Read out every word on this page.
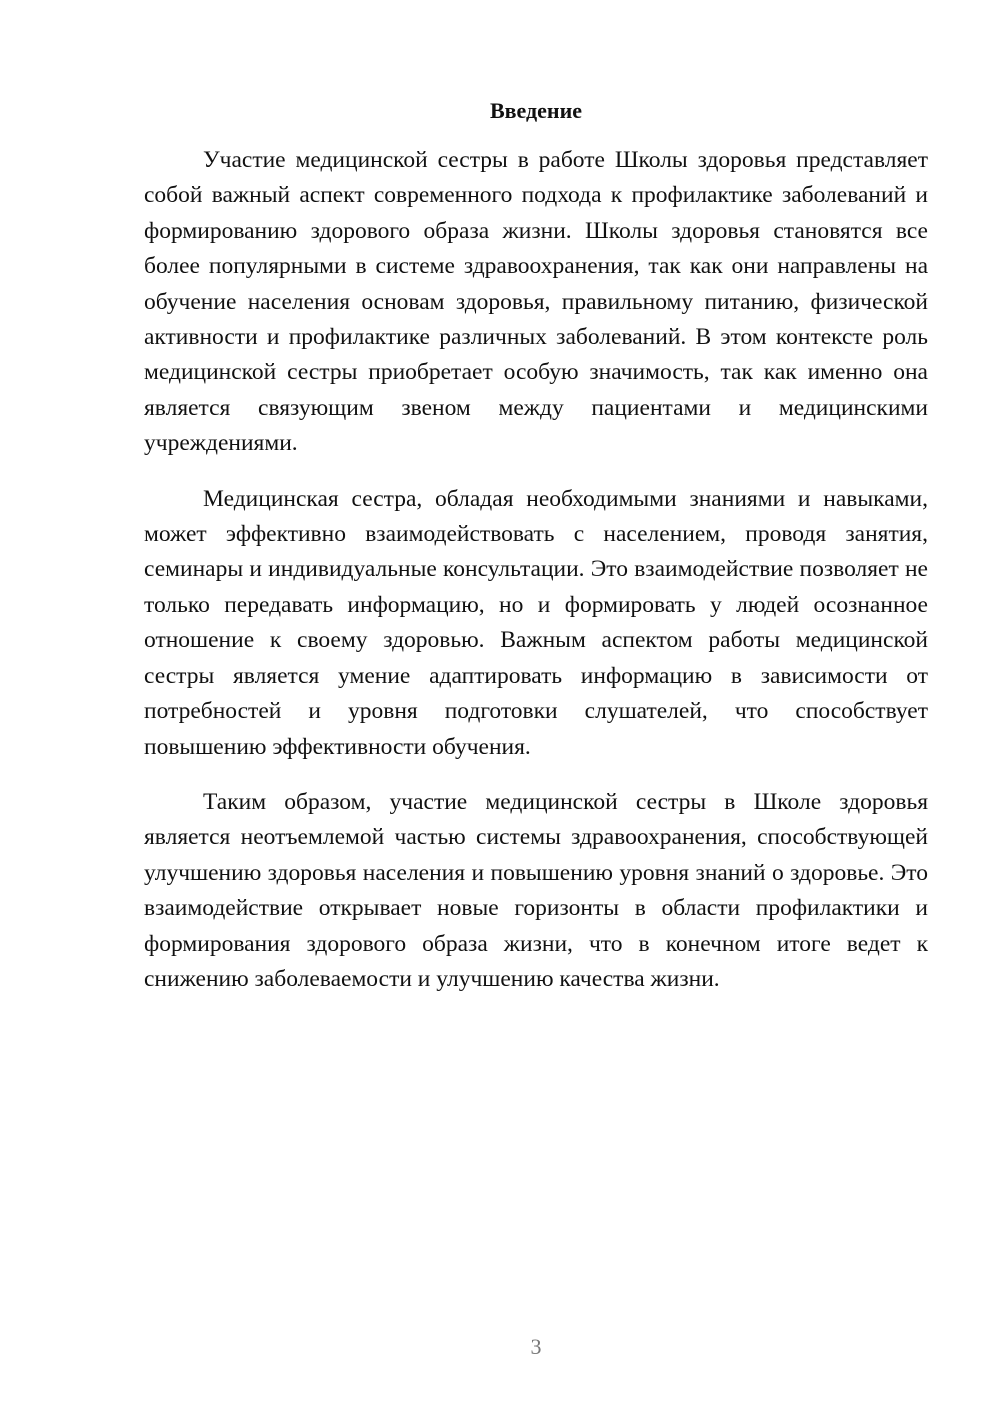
Введение

Участие медицинской сестры в работе Школы здоровья представляет собой важный аспект современного подхода к профилактике заболеваний и формированию здорового образа жизни. Школы здоровья становятся все более популярными в системе здравоохранения, так как они направлены на обучение населения основам здоровья, правильному питанию, физической активности и профилактике различных заболеваний. В этом контексте роль медицинской сестры приобретает особую значимость, так как именно она является связующим звеном между пациентами и медицинскими учреждениями.

Медицинская сестра, обладая необходимыми знаниями и навыками, может эффективно взаимодействовать с населением, проводя занятия, семинары и индивидуальные консультации. Это взаимодействие позволяет не только передавать информацию, но и формировать у людей осознанное отношение к своему здоровью. Важным аспектом работы медицинской сестры является умение адаптировать информацию в зависимости от потребностей и уровня подготовки слушателей, что способствует повышению эффективности обучения.

Таким образом, участие медицинской сестры в Школе здоровья является неотъемлемой частью системы здравоохранения, способствующей улучшению здоровья населения и повышению уровня знаний о здоровье. Это взаимодействие открывает новые горизонты в области профилактики и формирования здорового образа жизни, что в конечном итоге ведет к снижению заболеваемости и улучшению качества жизни.

3
